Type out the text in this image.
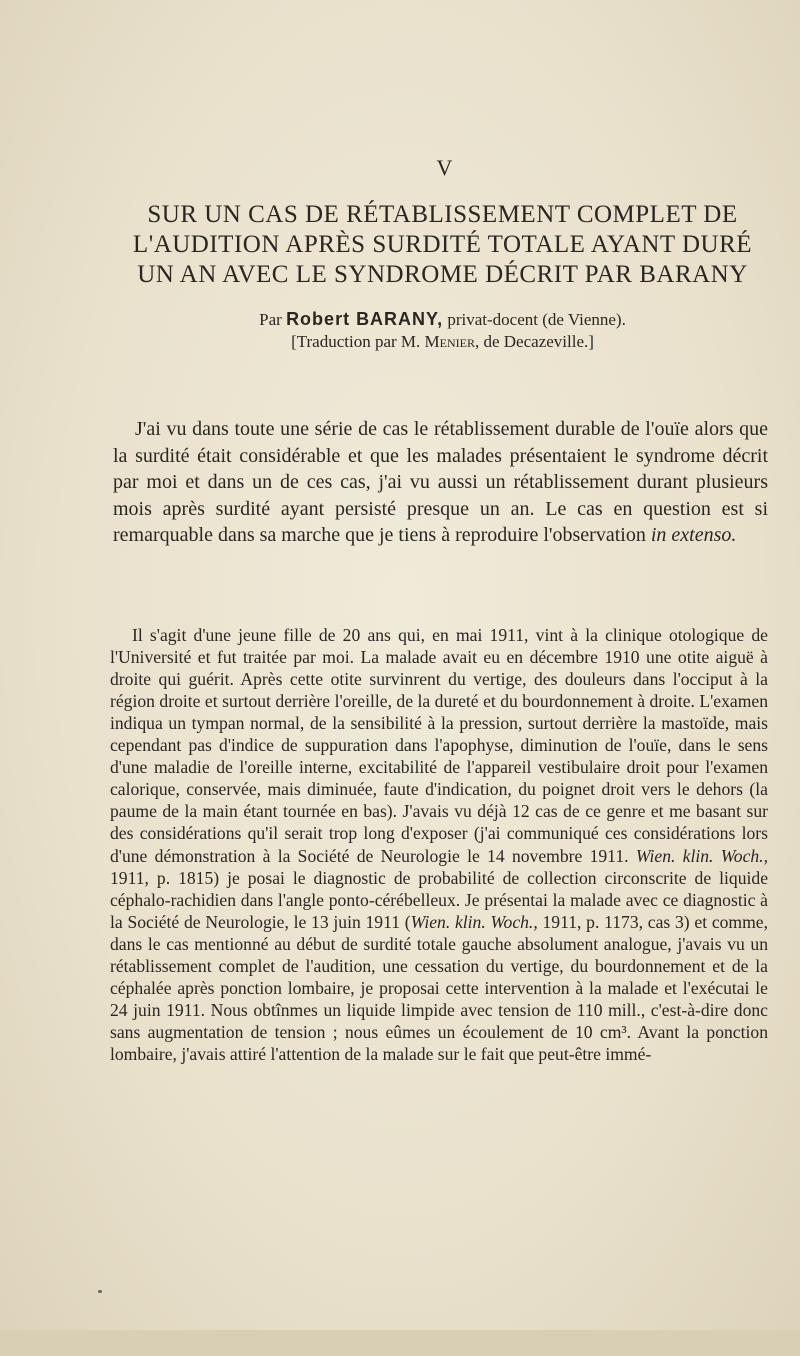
V
SUR UN CAS DE RÉTABLISSEMENT COMPLET DE
L'AUDITION APRÈS SURDITÉ TOTALE AYANT DURÉ
UN AN AVEC LE SYNDROME DÉCRIT PAR BARANY
Par Robert BARANY, privat-docent (de Vienne).
[Traduction par M. Menier, de Decazeville.]

J'ai vu dans toute une série de cas le rétablissement durable de l'ouïe alors que la surdité était considérable et que les malades présentaient le syndrome décrit par moi et dans un de ces cas, j'ai vu aussi un rétablissement durant plusieurs mois après surdité ayant persisté presque un an. Le cas en question est si remarquable dans sa marche que je tiens à reproduire l'observation in extenso.

Il s'agit d'une jeune fille de 20 ans qui, en mai 1911, vint à la clinique otologique de l'Université et fut traitée par moi. La malade avait eu en décembre 1910 une otite aiguë à droite qui guérit. Après cette otite survinrent du vertige, des douleurs dans l'occiput à la région droite et surtout derrière l'oreille, de la dureté et du bourdonnement à droite. L'examen indiqua un tympan normal, de la sensibilité à la pression, surtout derrière la mastoïde, mais cependant pas d'indice de suppuration dans l'apophyse, diminution de l'ouïe, dans le sens d'une maladie de l'oreille interne, excitabilité de l'appareil vestibulaire droit pour l'examen calorique, conservée, mais diminuée, faute d'indication, du poignet droit vers le dehors (la paume de la main étant tournée en bas). J'avais vu déjà 12 cas de ce genre et me basant sur des considérations qu'il serait trop long d'exposer (j'ai communiqué ces considérations lors d'une démonstration à la Société de Neurologie le 14 novembre 1911. Wien. klin. Woch., 1911, p. 1815) je posai le diagnostic de probabilité de collection circonscrite de liquide céphalo-rachidien dans l'angle ponto-cérébelleux. Je présentai la malade avec ce diagnostic à la Société de Neurologie, le 13 juin 1911 (Wien. klin. Woch., 1911, p. 1173, cas 3) et comme, dans le cas mentionné au début de surdité totale gauche absolument analogue, j'avais vu un rétablissement complet de l'audition, une cessation du vertige, du bourdonnement et de la céphalée après ponction lombaire, je proposai cette intervention à la malade et l'exécutai le 24 juin 1911. Nous obtînmes un liquide limpide avec tension de 110 mill., c'est-à-dire donc sans augmentation de tension ; nous eûmes un écoulement de 10 cm³. Avant la ponction lombaire, j'avais attiré l'attention de la malade sur le fait que peut-être immé-
